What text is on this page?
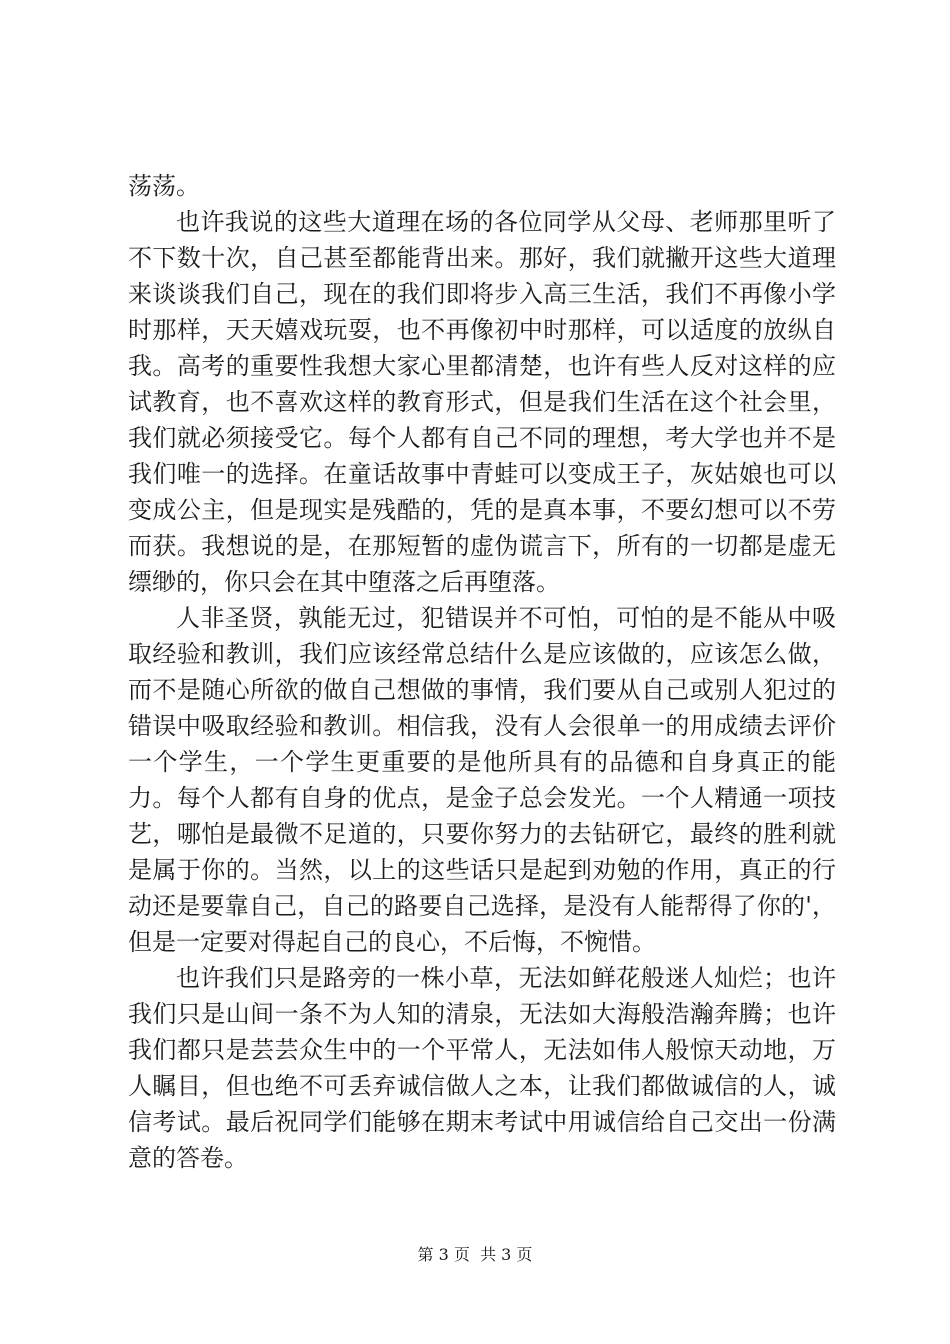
荡荡。

也许我说的这些大道理在场的各位同学从父母、老师那里听了不下数十次，自己甚至都能背出来。那好，我们就撇开这些大道理来谈谈我们自己，现在的我们即将步入高三生活，我们不再像小学时那样，天天嬉戏玩耍，也不再像初中时那样，可以适度的放纵自我。高考的重要性我想大家心里都清楚，也许有些人反对这样的应试教育，也不喜欢这样的教育形式，但是我们生活在这个社会里，我们就必须接受它。每个人都有自己不同的理想，考大学也并不是我们唯一的选择。在童话故事中青蛙可以变成王子，灰姑娘也可以变成公主，但是现实是残酷的，凭的是真本事，不要幻想可以不劳而获。我想说的是，在那短暂的虚伪谎言下，所有的一切都是虚无缥缈的，你只会在其中堕落之后再堕落。

人非圣贤，孰能无过，犯错误并不可怕，可怕的是不能从中吸取经验和教训，我们应该经常总结什么是应该做的，应该怎么做，而不是随心所欲的做自己想做的事情，我们要从自己或别人犯过的错误中吸取经验和教训。相信我，没有人会很单一的用成绩去评价一个学生，一个学生更重要的是他所具有的品德和自身真正的能力。每个人都有自身的优点，是金子总会发光。一个人精通一项技艺，哪怕是最微不足道的，只要你努力的去钻研它，最终的胜利就是属于你的。当然，以上的这些话只是起到劝勉的作用，真正的行动还是要靠自己，自己的路要自己选择，是没有人能帮得了你的'，但是一定要对得起自己的良心，不后悔，不惋惜。

也许我们只是路旁的一株小草，无法如鲜花般迷人灿烂；也许我们只是山间一条不为人知的清泉，无法如大海般浩瀚奔腾；也许我们都只是芸芸众生中的一个平常人，无法如伟人般惊天动地，万人瞩目，但也绝不可丢弃诚信做人之本，让我们都做诚信的人，诚信考试。最后祝同学们能够在期末考试中用诚信给自己交出一份满意的答卷。

第 3 页  共 3 页
